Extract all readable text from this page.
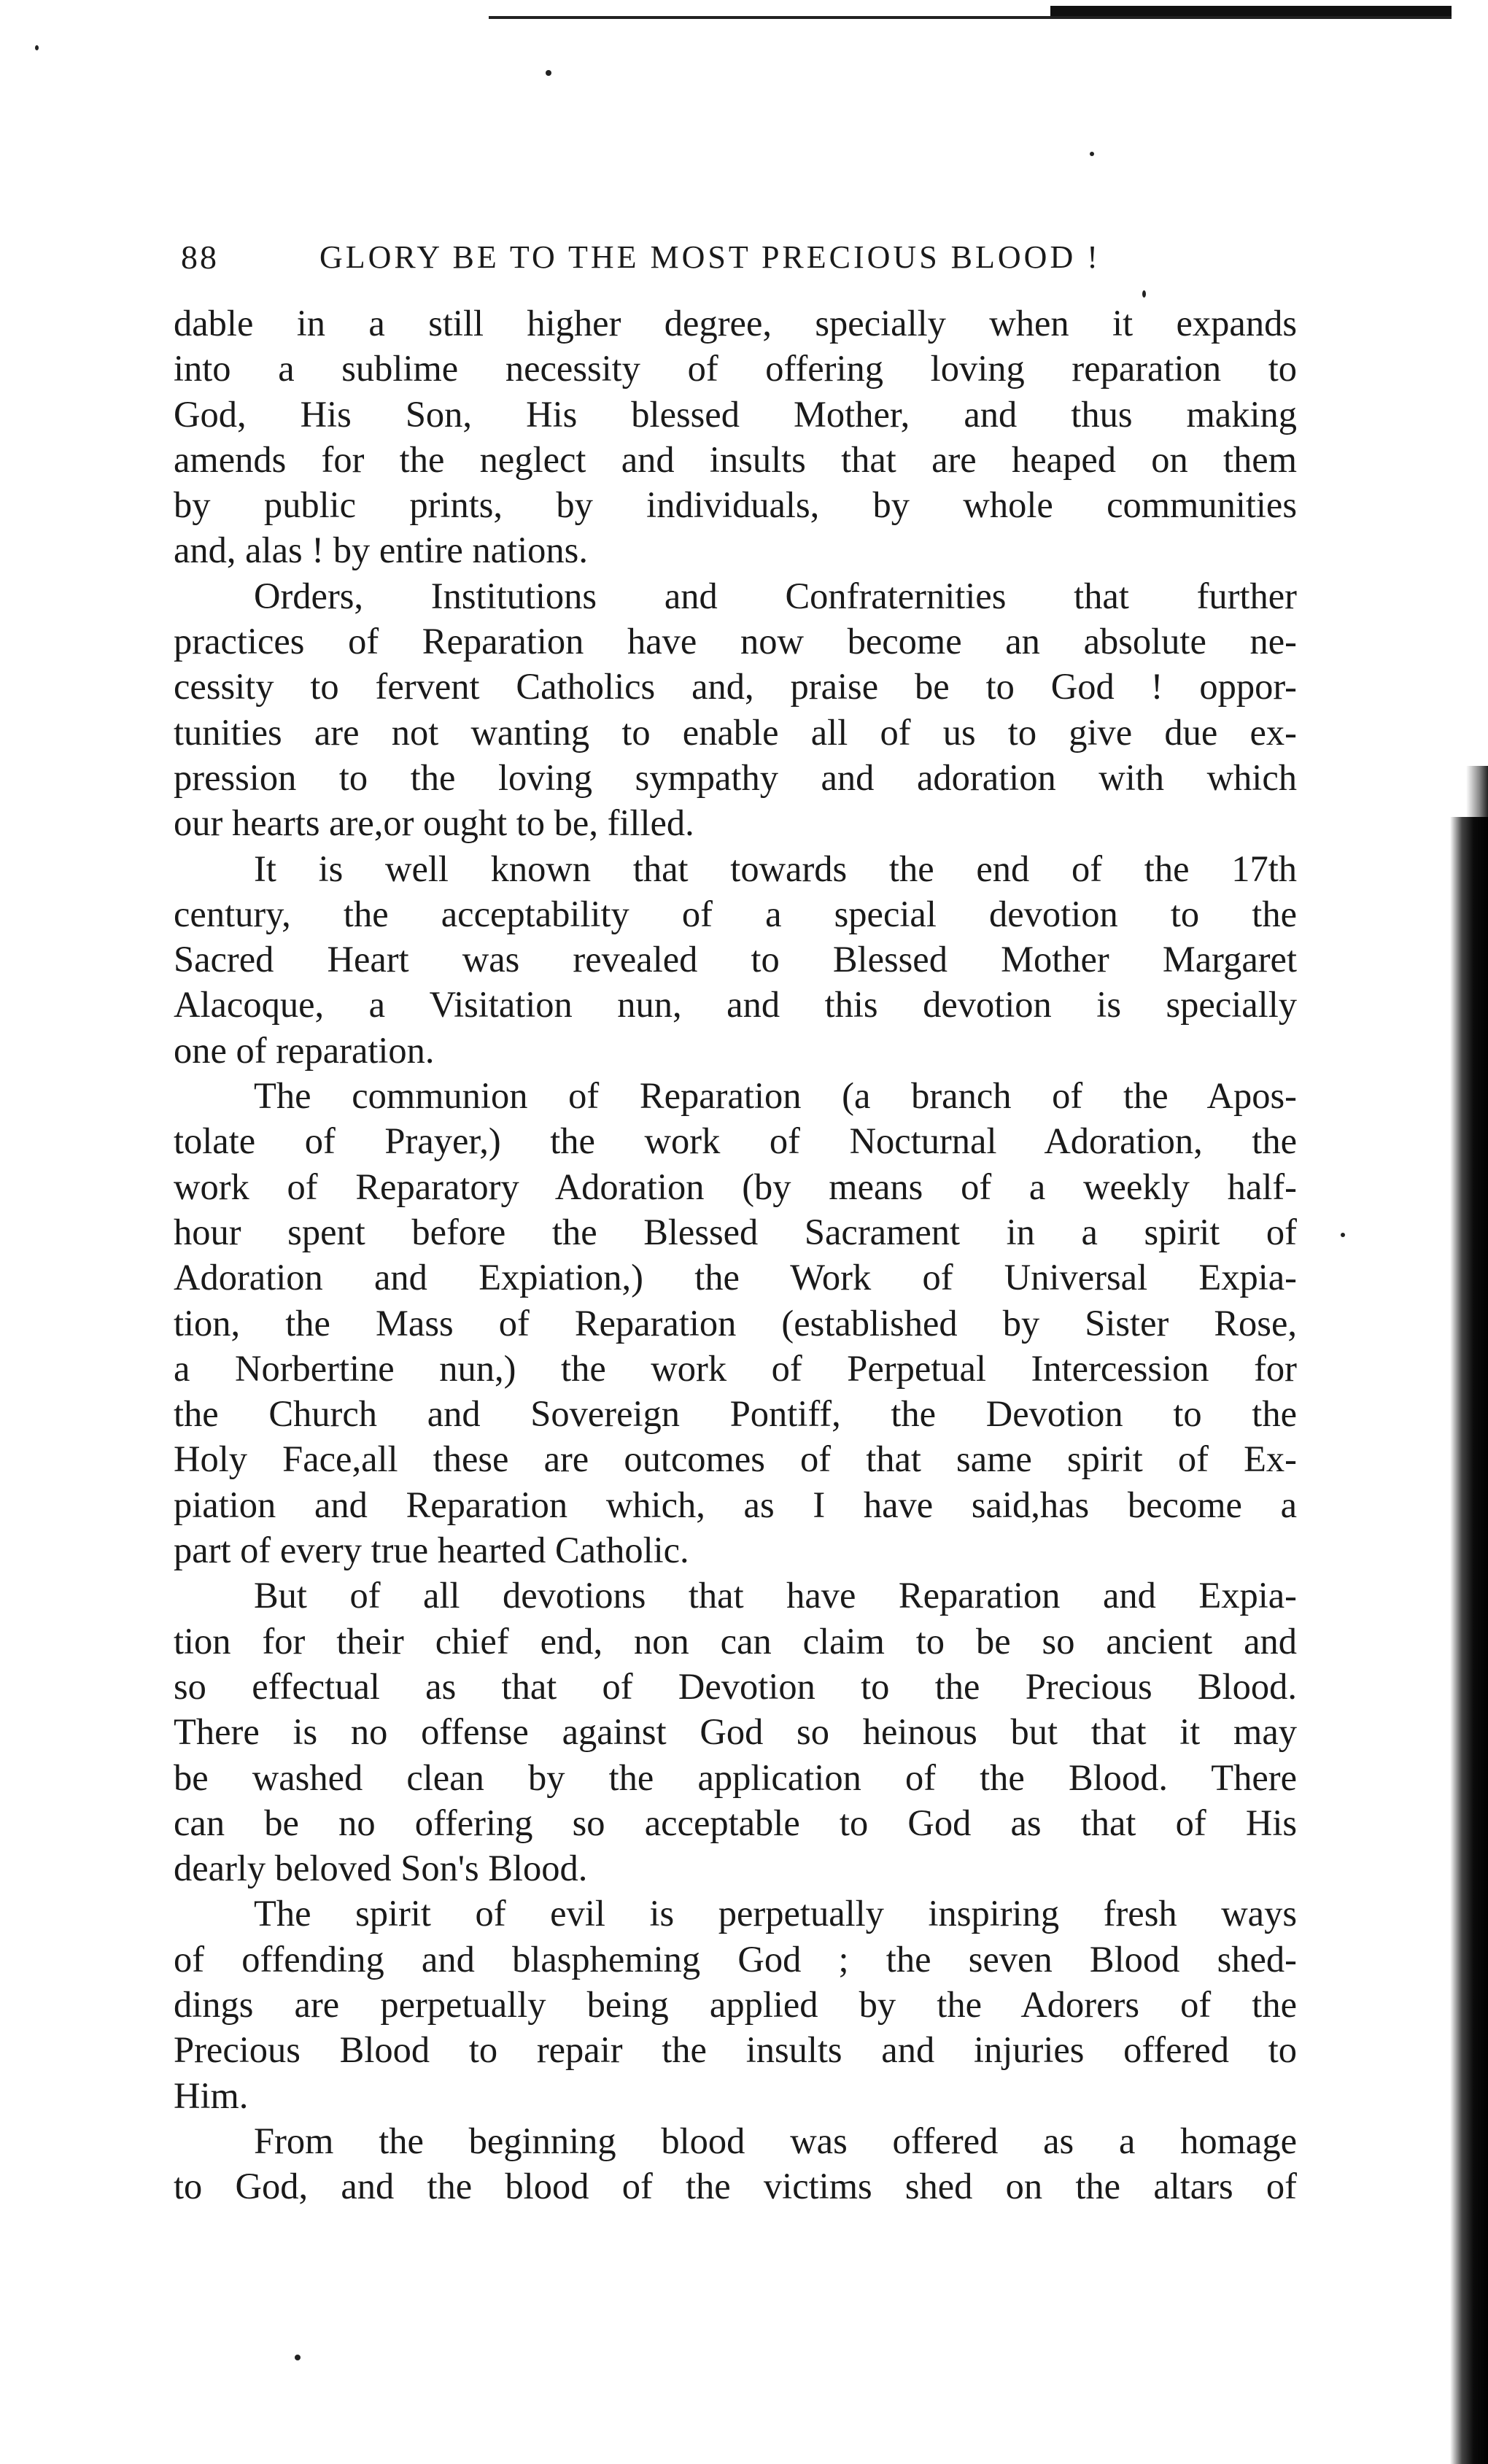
88	GLORY BE TO THE MOST PRECIOUS BLOOD !
dable in a still higher degree, specially when it expands
into a sublime necessity of offering loving reparation to
God, His Son, His blessed Mother, and thus making
amends for the neglect and insults that are heaped on them
by public prints, by individuals, by whole communities
and, alas ! by entire nations.
Orders, Institutions and Confraternities that further
practices of Reparation have now become an absolute ne-
cessity to fervent Catholics and, praise be to God ! oppor-
tunities are not wanting to enable all of us to give due ex-
pression to the loving sympathy and adoration with which
our hearts are,or ought to be, filled.
It is well known that towards the end of the 17th
century, the acceptability of a special devotion to the
Sacred Heart was revealed to Blessed Mother Margaret
Alacoque, a Visitation nun, and this devotion is specially
one of reparation.
The communion of Reparation (a branch of the Apos-
tolate of Prayer,) the work of Nocturnal Adoration, the
work of Reparatory Adoration (by means of a weekly half-
hour spent before the Blessed Sacrament in a spirit of
Adoration and Expiation,) the Work of Universal Expia-
tion, the Mass of Reparation (established by Sister Rose,
a Norbertine nun,) the work of Perpetual Intercession for
the Church and Sovereign Pontiff, the Devotion to the
Holy Face,all these are outcomes of that same spirit of Ex-
piation and Reparation which, as I have said,has become a
part of every true hearted Catholic.
But of all devotions that have Reparation and Expia-
tion for their chief end, non can claim to be so ancient and
so effectual as that of Devotion to the Precious Blood.
There is no offense against God so heinous but that it may
be washed clean by the application of the Blood. There
can be no offering so acceptable to God as that of His
dearly beloved Son's Blood.
The spirit of evil is perpetually inspiring fresh ways
of offending and blaspheming God ; the seven Blood shed-
dings are perpetually being applied by the Adorers of the
Precious Blood to repair the insults and injuries offered to
Him.
From the beginning blood was offered as a homage
to God, and the blood of the victims shed on the altars of
